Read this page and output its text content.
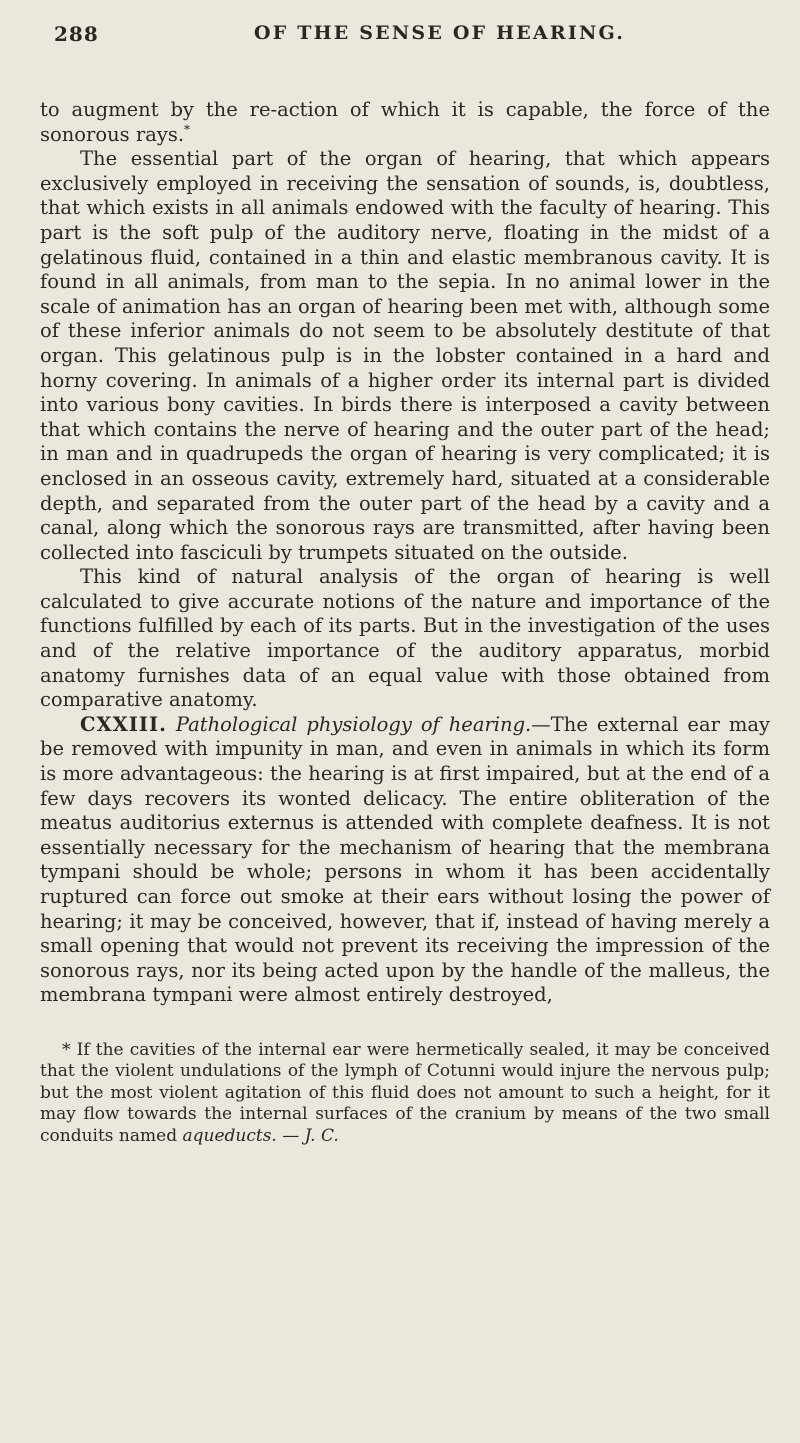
288	OF THE SENSE OF HEARING.

to augment by the re-action of which it is capable, the force of the sonorous rays.*

The essential part of the organ of hearing, that which appears exclusively employed in receiving the sensation of sounds, is, doubtless, that which exists in all animals endowed with the faculty of hearing. This part is the soft pulp of the auditory nerve, floating in the midst of a gelatinous fluid, contained in a thin and elastic membranous cavity. It is found in all animals, from man to the sepia. In no animal lower in the scale of animation has an organ of hearing been met with, although some of these inferior animals do not seem to be absolutely destitute of that organ. This gelatinous pulp is in the lobster contained in a hard and horny covering. In animals of a higher order its internal part is divided into various bony cavities. In birds there is interposed a cavity between that which contains the nerve of hearing and the outer part of the head; in man and in quadrupeds the organ of hearing is very complicated; it is enclosed in an osseous cavity, extremely hard, situated at a considerable depth, and separated from the outer part of the head by a cavity and a canal, along which the sonorous rays are transmitted, after having been collected into fasciculi by trumpets situated on the outside.

This kind of natural analysis of the organ of hearing is well calculated to give accurate notions of the nature and importance of the functions fulfilled by each of its parts. But in the investigation of the uses and of the relative importance of the auditory apparatus, morbid anatomy furnishes data of an equal value with those obtained from comparative anatomy.

CXXIII. Pathological physiology of hearing.—The external ear may be removed with impunity in man, and even in animals in which its form is more advantageous: the hearing is at first impaired, but at the end of a few days recovers its wonted delicacy. The entire obliteration of the meatus auditorius externus is attended with complete deafness. It is not essentially necessary for the mechanism of hearing that the membrana tympani should be whole; persons in whom it has been accidentally ruptured can force out smoke at their ears without losing the power of hearing; it may be conceived, however, that if, instead of having merely a small opening that would not prevent its receiving the impression of the sonorous rays, nor its being acted upon by the handle of the malleus, the membrana tympani were almost entirely destroyed,

* If the cavities of the internal ear were hermetically sealed, it may be conceived that the violent undulations of the lymph of Cotunni would injure the nervous pulp; but the most violent agitation of this fluid does not amount to such a height, for it may flow towards the internal surfaces of the cranium by means of the two small conduits named aqueducts. — J. C.
